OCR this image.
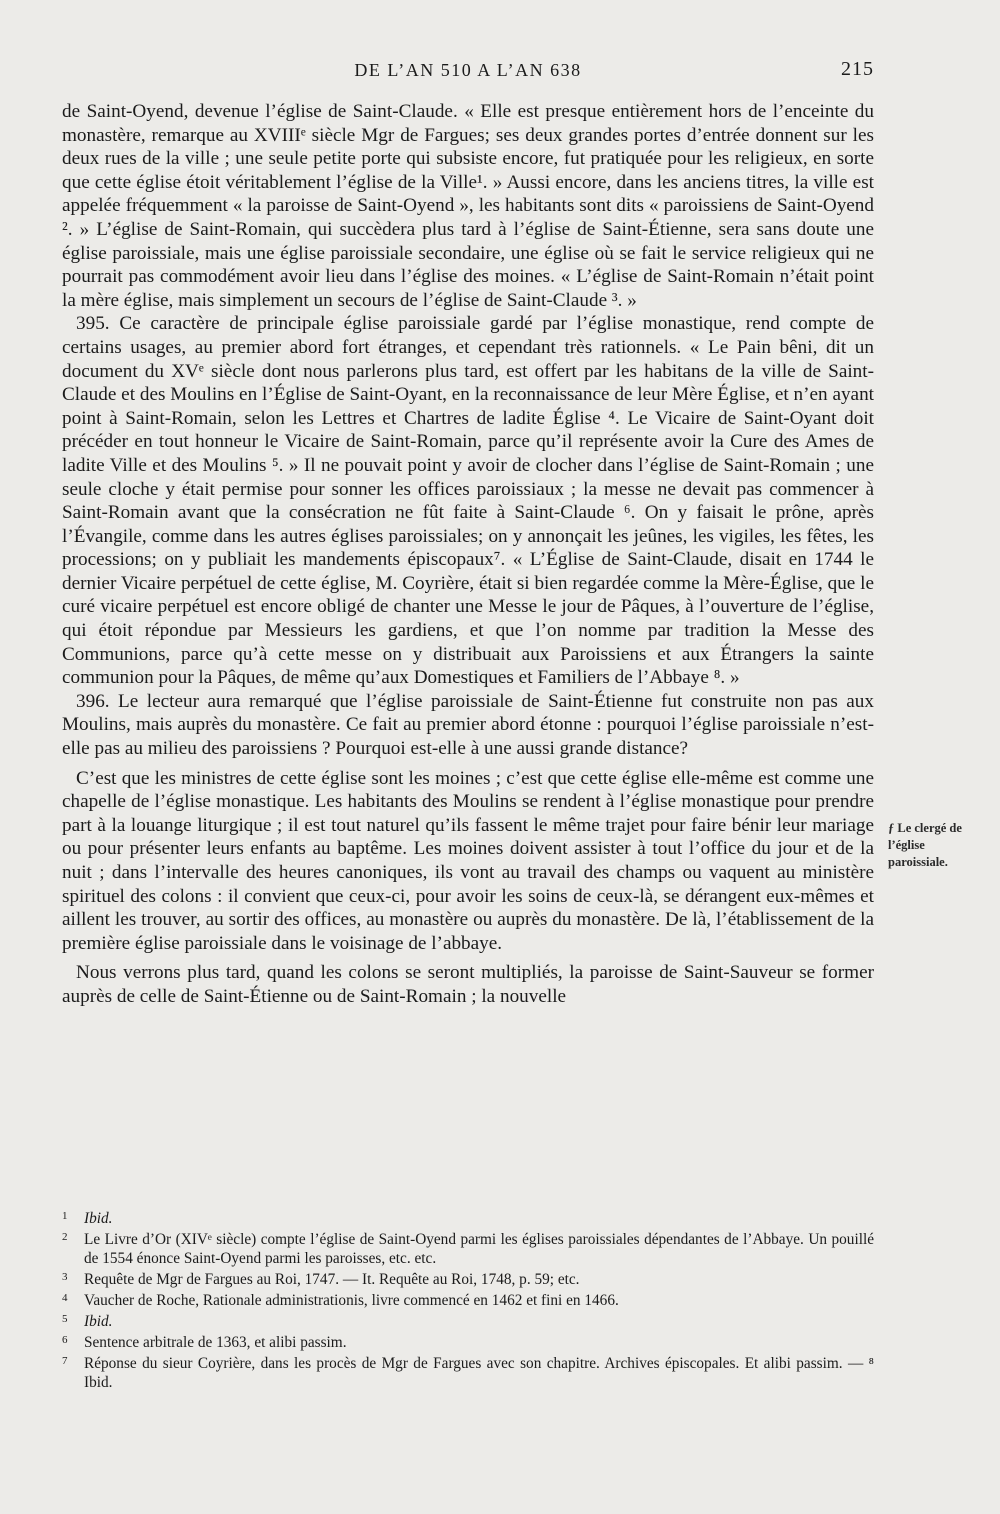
DE L’AN 510 A L’AN 638	215

de Saint-Oyend, devenue l’église de Saint-Claude. « Elle est presque entièrement hors de l’enceinte du monastère, remarque au XVIIIᵉ siècle Mgr de Fargues; ses deux grandes portes d’entrée donnent sur les deux rues de la ville ; une seule petite porte qui subsiste encore, fut pratiquée pour les religieux, en sorte que cette église étoit véritablement l’église de la Ville¹. » Aussi encore, dans les anciens titres, la ville est appelée fréquemment « la paroisse de Saint-Oyend », les habitants sont dits « paroissiens de Saint-Oyend ². » L’église de Saint-Romain, qui succèdera plus tard à l’église de Saint-Étienne, sera sans doute une église paroissiale, mais une église paroissiale secondaire, une église où se fait le service religieux qui ne pourrait pas commodément avoir lieu dans l’église des moines. « L’église de Saint-Romain n’était point la mère église, mais simplement un secours de l’église de Saint-Claude ³. »

395. Ce caractère de principale église paroissiale gardé par l’église monastique, rend compte de certains usages, au premier abord fort étranges, et cependant très rationnels. « Le Pain bêni, dit un document du XVᵉ siècle dont nous parlerons plus tard, est offert par les habitans de la ville de Saint-Claude et des Moulins en l’Église de Saint-Oyant, en la reconnaissance de leur Mère Église, et n’en ayant point à Saint-Romain, selon les Lettres et Chartres de ladite Église ⁴. Le Vicaire de Saint-Oyant doit précéder en tout honneur le Vicaire de Saint-Romain, parce qu’il représente avoir la Cure des Ames de ladite Ville et des Moulins ⁵. » Il ne pouvait point y avoir de clocher dans l’église de Saint-Romain ; une seule cloche y était permise pour sonner les offices paroissiaux ; la messe ne devait pas commencer à Saint-Romain avant que la consécration ne fût faite à Saint-Claude ⁶. On y faisait le prône, après l’Évangile, comme dans les autres églises paroissiales; on y annonçait les jeûnes, les vigiles, les fêtes, les processions; on y publiait les mandements épiscopaux⁷. « L’Église de Saint-Claude, disait en 1744 le dernier Vicaire perpétuel de cette église, M. Coyrière, était si bien regardée comme la Mère-Église, que le curé vicaire perpétuel est encore obligé de chanter une Messe le jour de Pâques, à l’ouverture de l’église, qui étoit répondue par Messieurs les gardiens, et que l’on nomme par tradition la Messe des Communions, parce qu’à cette messe on y distribuait aux Paroissiens et aux Étrangers la sainte communion pour la Pâques, de même qu’aux Domestiques et Familiers de l’Abbaye ⁸. »

396. Le lecteur aura remarqué que l’église paroissiale de Saint-Étienne fut construite non pas aux Moulins, mais auprès du monastère. Ce fait au premier abord étonne : pourquoi l’église paroissiale n’est-elle pas au milieu des paroissiens ? Pourquoi est-elle à une aussi grande distance?

C’est que les ministres de cette église sont les moines ; c’est que cette église elle-même est comme une chapelle de l’église monastique. Les habitants des Moulins se rendent à l’église monastique pour prendre part à la louange liturgique ; il est tout naturel qu’ils fassent le même trajet pour faire bénir leur mariage ou pour présenter leurs enfants au baptême. Les moines doivent assister à tout l’office du jour et de la nuit ; dans l’intervalle des heures canoniques, ils vont au travail des champs ou vaquent au ministère spirituel des colons : il convient que ceux-ci, pour avoir les soins de ceux-là, se dérangent eux-mêmes et aillent les trouver, au sortir des offices, au monastère ou auprès du monastère. De là, l’établissement de la première église paroissiale dans le voisinage de l’abbaye.

Nous verrons plus tard, quand les colons se seront multipliés, la paroisse de Saint-Sauveur se former auprès de celle de Saint-Étienne ou de Saint-Romain ; la nouvelle

ƒ Le clergé de l’église paroissiale.

1 Ibid.

2 Le Livre d’Or (XIVᵉ siècle) compte l’église de Saint-Oyend parmi les églises paroissiales dépendantes de l’Abbaye. Un pouillé de 1554 énonce Saint-Oyend parmi les paroisses, etc. etc.

3 Requête de Mgr de Fargues au Roi, 1747. — It. Requête au Roi, 1748, p. 59; etc.

4 Vaucher de Roche, Rationale administrationis, livre commencé en 1462 et fini en 1466.

5 Ibid.

6 Sentence arbitrale de 1363, et alibi passim.

7 Réponse du sieur Coyrière, dans les procès de Mgr de Fargues avec son chapitre. Archives épiscopales. Et alibi passim. — ⁸ Ibid.
